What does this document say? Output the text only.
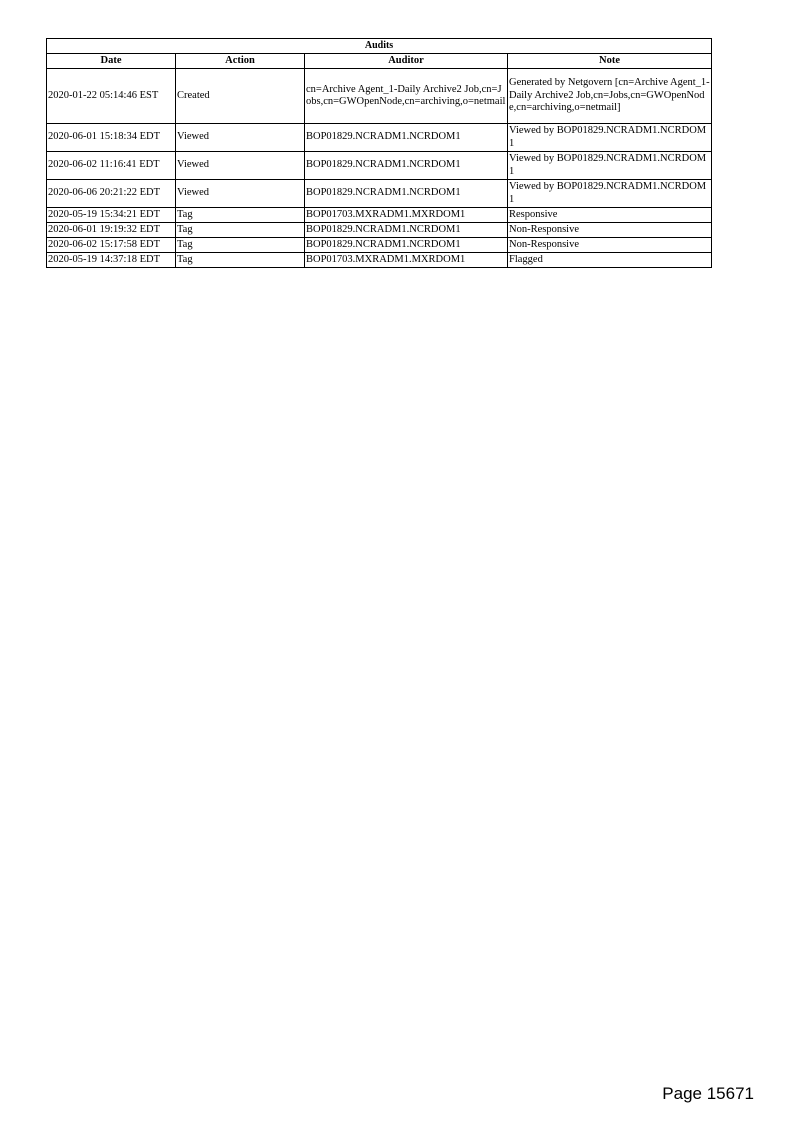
Audits			
Date	Action	Auditor	Note
2020-01-22 05:14:46 EST	Created	cn=Archive Agent_1-Daily Archive2 Job,cn=Jobs,cn=GWOpenNode,cn=archiving,o=netmail	Generated by Netgovern [cn=Archive Agent_1-Daily Archive2 Job,cn=Jobs,cn=GWOpenNode,cn=archiving,o=netmail]
2020-06-01 15:18:34 EDT	Viewed	BOP01829.NCRADM1.NCRDOM1	Viewed by BOP01829.NCRADM1.NCRDOM1
2020-06-02 11:16:41 EDT	Viewed	BOP01829.NCRADM1.NCRDOM1	Viewed by BOP01829.NCRADM1.NCRDOM1
2020-06-06 20:21:22 EDT	Viewed	BOP01829.NCRADM1.NCRDOM1	Viewed by BOP01829.NCRADM1.NCRDOM1
2020-05-19 15:34:21 EDT	Tag	BOP01703.MXRADM1.MXRDOM1	Responsive
2020-06-01 19:19:32 EDT	Tag	BOP01829.NCRADM1.NCRDOM1	Non-Responsive
2020-06-02 15:17:58 EDT	Tag	BOP01829.NCRADM1.NCRDOM1	Non-Responsive
2020-05-19 14:37:18 EDT	Tag	BOP01703.MXRADM1.MXRDOM1	Flagged
Page 15671
